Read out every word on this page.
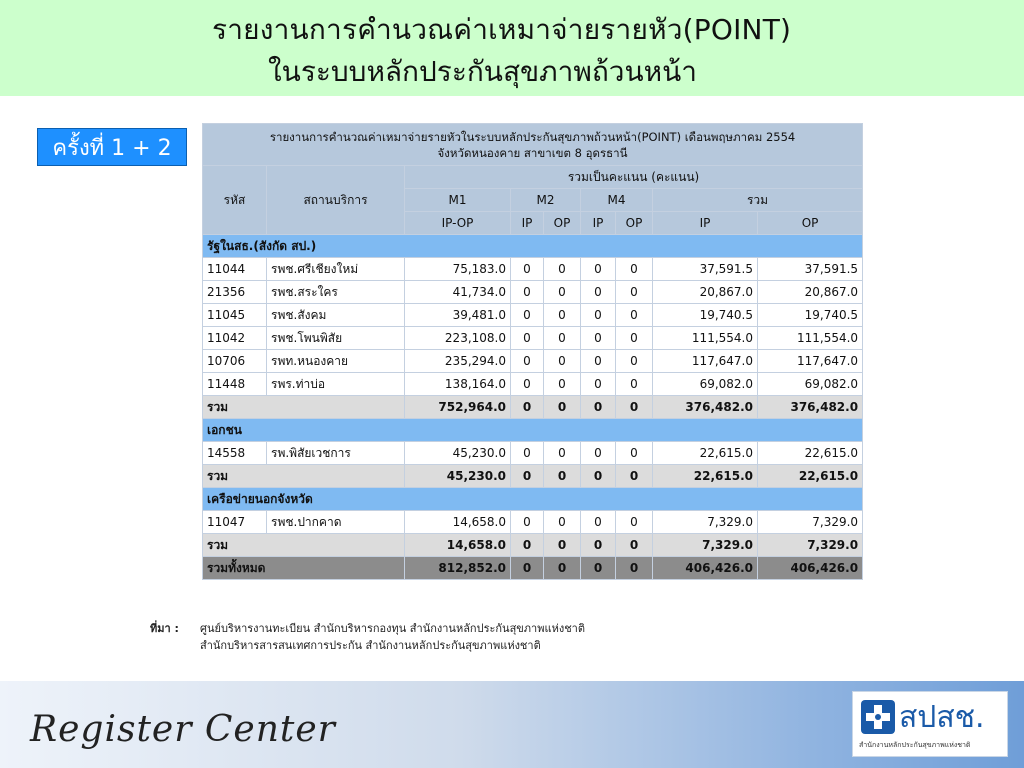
รายงานการคำนวณค่าเหมาจ่ายรายหัว(POINT)
ในระบบหลักประกันสุขภาพถ้วนหน้า
ครั้งที่ 1 + 2	รายงานการคำนวณค่าเหมาจ่ายรายหัวในระบบหลักประกันสุขภาพถ้วนหน้า(POINT) เดือนพฤษภาคม 2554
จังหวัดหนองคาย สาขาเขต 8 อุดรธานี								

รหัส	สถานบริการ	รวมเป็นคะแนน (คะแนน)						
		M1	M2		M4		รวม	
		IP-OP	IP	OP	IP	OP	IP	OP
รัฐในสธ.(สังกัด สป.)								
11044	รพช.ศรีเชียงใหม่	75,183.0	0	0	0	0	37,591.5	37,591.5
21356	รพช.สระใคร	41,734.0	0	0	0	0	20,867.0	20,867.0
11045	รพช.สังคม	39,481.0	0	0	0	0	19,740.5	19,740.5
11042	รพช.โพนพิสัย	223,108.0	0	0	0	0	111,554.0	111,554.0
10706	รพท.หนองคาย	235,294.0	0	0	0	0	117,647.0	117,647.0
11448	รพร.ท่าบ่อ	138,164.0	0	0	0	0	69,082.0	69,082.0
รวม		752,964.0	0	0	0	0	376,482.0	376,482.0
เอกชน								
14558	รพ.พิสัยเวชการ	45,230.0	0	0	0	0	22,615.0	22,615.0
รวม		45,230.0	0	0	0	0	22,615.0	22,615.0
เครือข่ายนอกจังหวัด								
11047	รพช.ปากคาด	14,658.0	0	0	0	0	7,329.0	7,329.0
รวม		14,658.0	0	0	0	0	7,329.0	7,329.0
รวมทั้งหมด		812,852.0	0	0	0	0	406,426.0	406,426.0
ที่มา : ศูนย์บริหารงานทะเบียน สำนักบริหารกองทุน สำนักงานหลักประกันสุขภาพแห่งชาติ
สำนักบริหารสารสนเทศการประกัน สำนักงานหลักประกันสุขภาพแห่งชาติ
Register Center	สปสช.
สำนักงานหลักประกันสุขภาพแห่งชาติ
